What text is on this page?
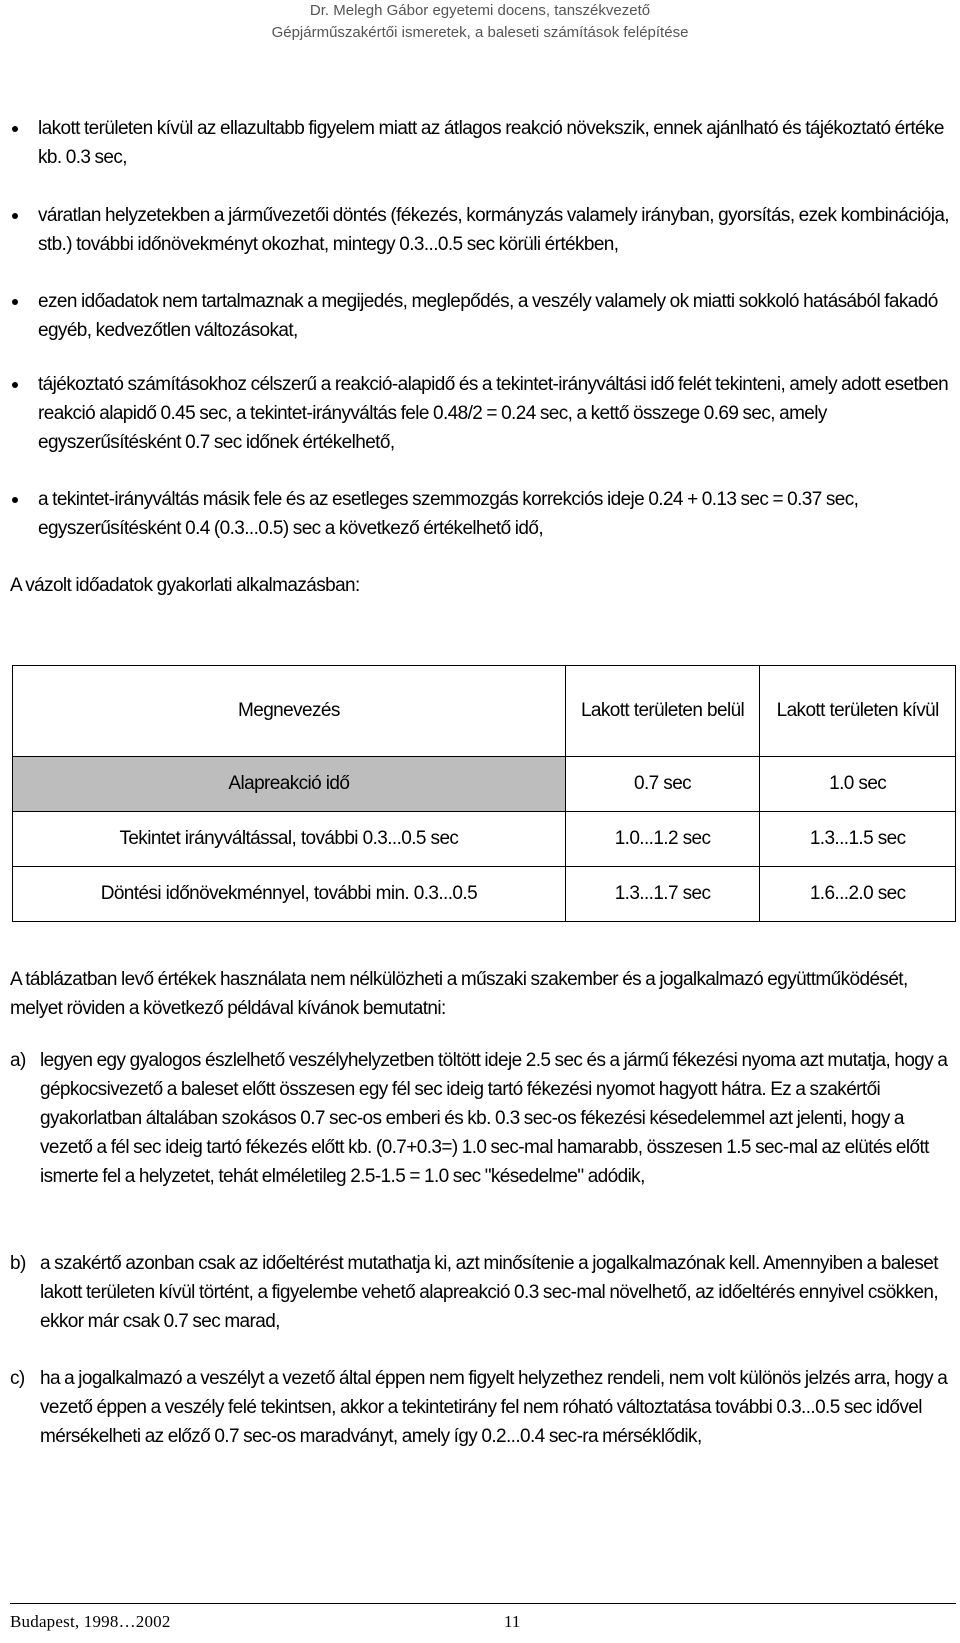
Dr. Melegh Gábor egyetemi docens, tanszékvezető
Gépjárműszakértői ismeretek, a baleseti számítások felépítése
lakott területen kívül az ellazultabb figyelem miatt az átlagos reakció növekszik, ennek ajánlható és tájékoztató értéke kb. 0.3 sec,
váratlan helyzetekben a járművezetői döntés (fékezés, kormányzás valamely irányban, gyorsítás, ezek kombinációja, stb.) további időnövekményt okozhat, mintegy 0.3...0.5 sec körüli értékben,
ezen időadatok nem tartalmaznak a megijedés, meglepődés, a veszély valamely ok miatti sokkoló hatásából fakadó egyéb, kedvezőtlen változásokat,
tájékoztató számításokhoz célszerű a reakció-alapidő és a tekintet-irányváltási idő felét tekinteni, amely adott esetben reakció alapidő 0.45 sec, a tekintet-irányváltás fele 0.48/2 = 0.24 sec, a kettő összege 0.69 sec, amely egyszerűsítésként 0.7 sec időnek értékelhető,
a tekintet-irányváltás másik fele és az esetleges szemmozgás korrekciós ideje 0.24 + 0.13 sec = 0.37 sec, egyszerűsítésként 0.4 (0.3...0.5) sec a következő értékelhető idő,
A vázolt időadatok gyakorlati alkalmazásban:
Megnevezés	Lakott területen belül	Lakott területen kívül
Alapreakció idő	0.7 sec	1.0 sec
Tekintet irányváltással, további 0.3...0.5 sec	1.0...1.2 sec	1.3...1.5 sec
Döntési időnövekménnyel, további min. 0.3...0.5	1.3...1.7 sec	1.6...2.0 sec
A táblázatban levő értékek használata nem nélkülözheti a műszaki szakember és a jogalkalmazó együttműködését, melyet röviden a következő példával kívánok bemutatni:
a) legyen egy gyalogos észlelhető veszélyhelyzetben töltött ideje 2.5 sec és a jármű fékezési nyoma azt mutatja, hogy a gépkocsivezető a baleset előtt összesen egy fél sec ideig tartó fékezési nyomot hagyott hátra. Ez a szakértői gyakorlatban általában szokásos 0.7 sec-os emberi és kb. 0.3 sec-os fékezési késedelemmel azt jelenti, hogy a vezető a fél sec ideig tartó fékezés előtt kb. (0.7+0.3=) 1.0 sec-mal hamarabb, összesen 1.5 sec-mal az elütés előtt ismerte fel a helyzetet, tehát elméletileg 2.5-1.5 = 1.0 sec "késedelme" adódik,
b) a szakértő azonban csak az időeltérést mutathatja ki, azt minősítenie a jogalkalmazónak kell. Amennyiben a baleset lakott területen kívül történt, a figyelembe vehető alapreakció 0.3 sec-mal növelhető, az időeltérés ennyivel csökken, ekkor már csak 0.7 sec marad,
c) ha a jogalkalmazó a veszélyt a vezető által éppen nem figyelt helyzethez rendeli, nem volt különös jelzés arra, hogy a vezető éppen a veszély felé tekintsen, akkor a tekintetirány fel nem róható változtatása további 0.3...0.5 sec idővel mérsékelheti az előző 0.7 sec-os maradványt, amely így 0.2...0.4 sec-ra mérséklődik,
Budapest, 1998…2002	11
